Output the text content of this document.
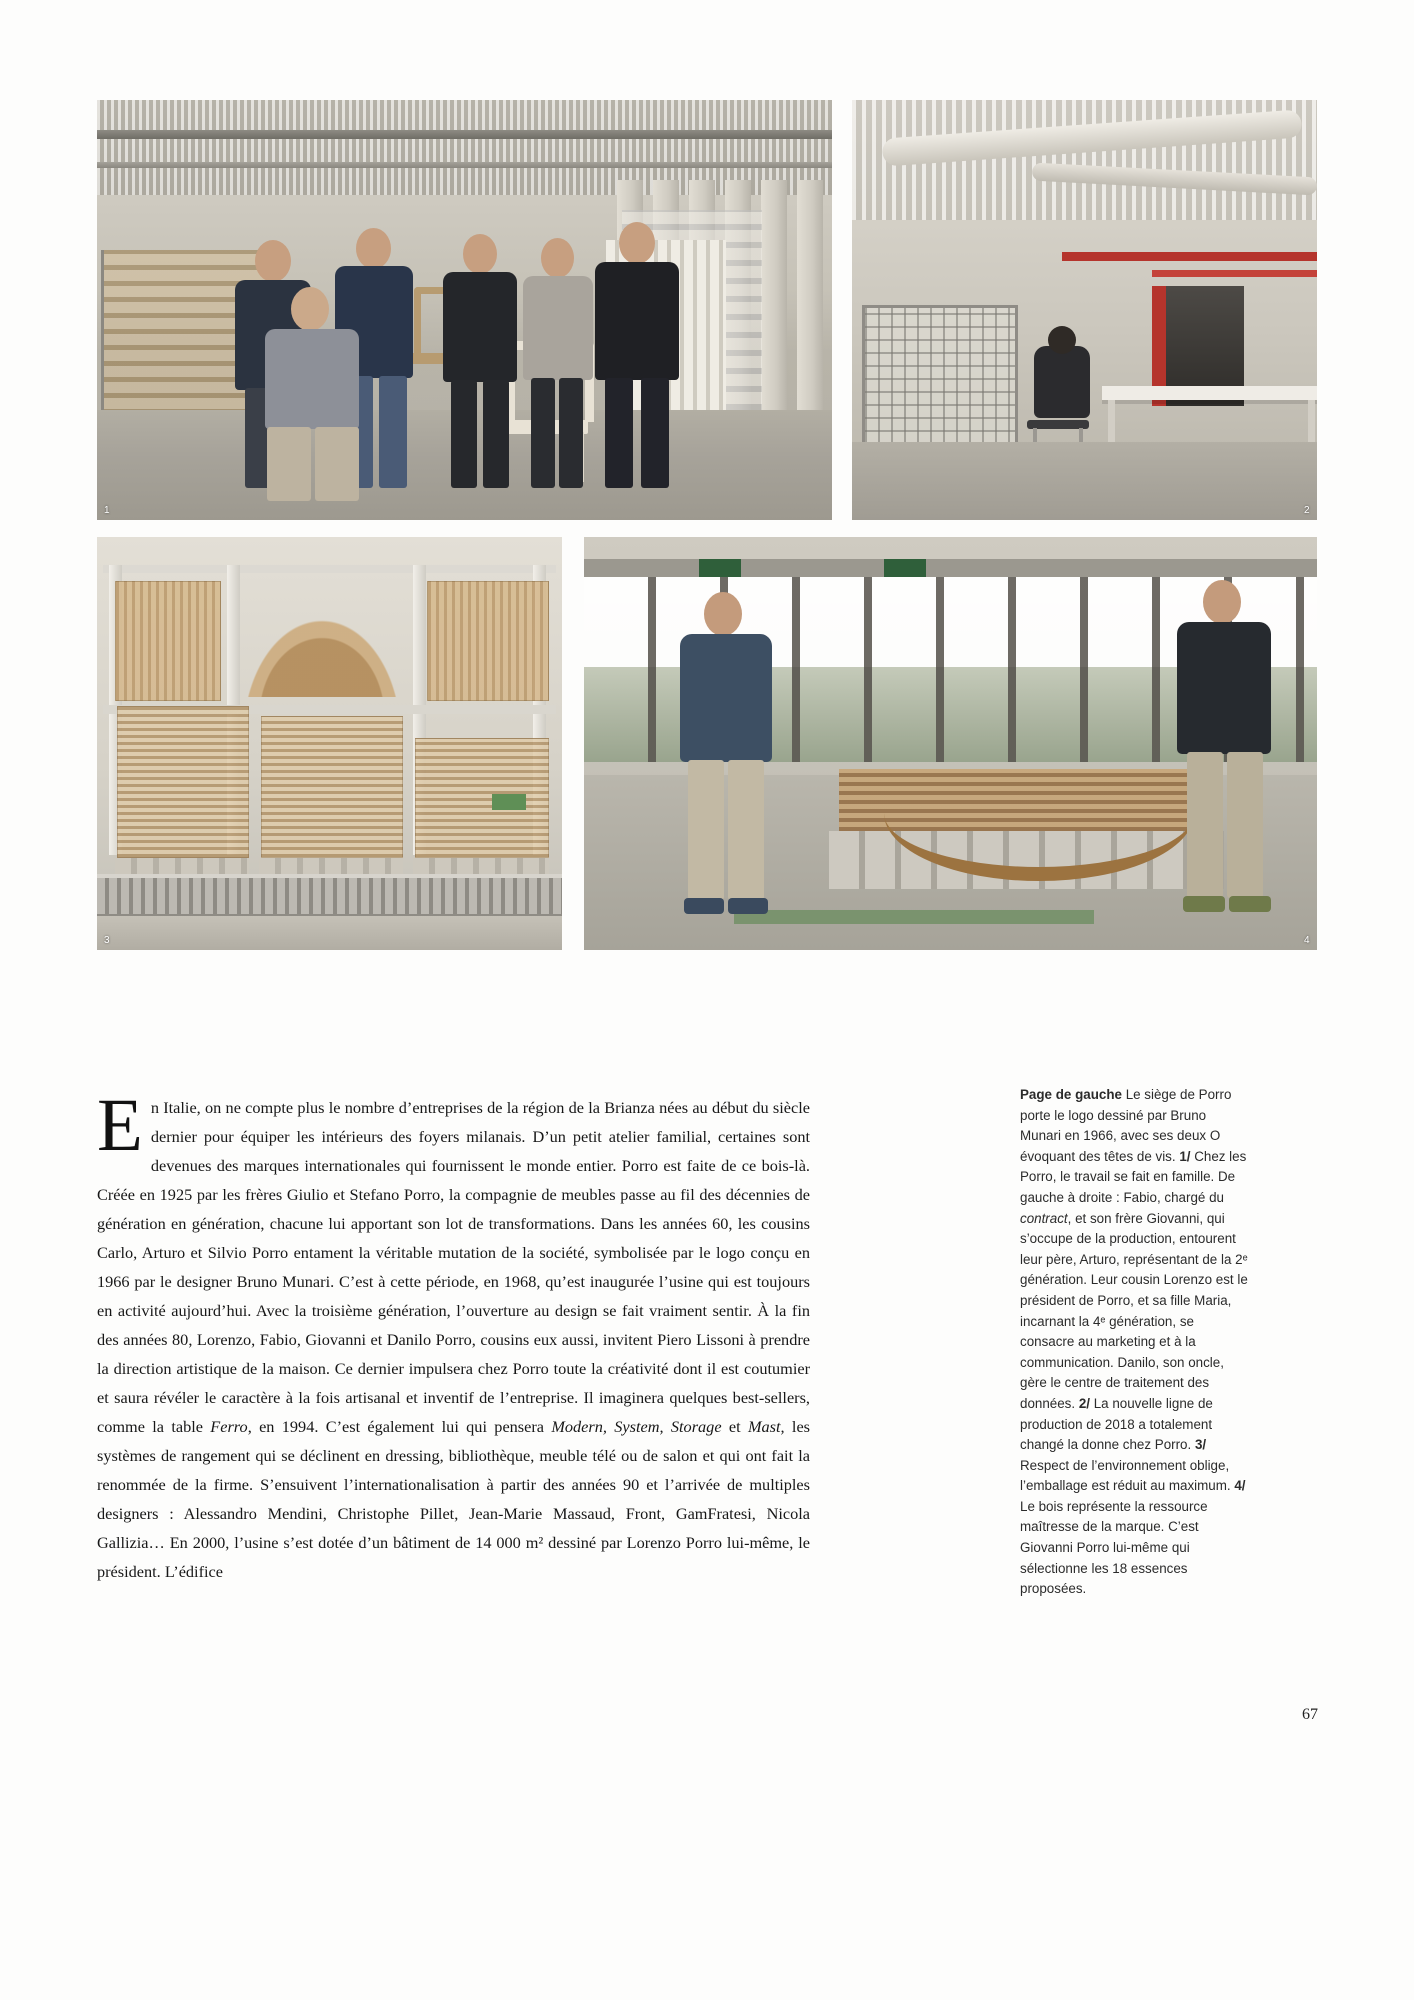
1	2
3	4

En Italie, on ne compte plus le nombre d’entreprises de la région de la Brianza nées au début du siècle dernier pour équiper les intérieurs des foyers milanais. D’un petit atelier familial, certaines sont devenues des marques internationales qui fournissent le monde entier. Porro est faite de ce bois-là. Créée en 1925 par les frères Giulio et Stefano Porro, la compagnie de meubles passe au fil des décennies de génération en génération, chacune lui apportant son lot de transformations. Dans les années 60, les cousins Carlo, Arturo et Silvio Porro entament la véritable mutation de la société, symbolisée par le logo conçu en 1966 par le designer Bruno Munari. C’est à cette période, en 1968, qu’est inaugurée l’usine qui est toujours en activité aujourd’hui. Avec la troisième génération, l’ouverture au design se fait vraiment sentir. À la fin des années 80, Lorenzo, Fabio, Giovanni et Danilo Porro, cousins eux aussi, invitent Piero Lissoni à prendre la direction artistique de la maison. Ce dernier impulsera chez Porro toute la créativité dont il est coutumier et saura révéler le caractère à la fois artisanal et inventif de l’entreprise. Il imaginera quelques best-sellers, comme la table Ferro, en 1994. C’est également lui qui pensera Modern, System, Storage et Mast, les systèmes de rangement qui se déclinent en dressing, bibliothèque, meuble télé ou de salon et qui ont fait la renommée de la firme. S’ensuivent l’internationalisation à partir des années 90 et l’arrivée de multiples designers : Alessandro Mendini, Christophe Pillet, Jean-Marie Massaud, Front, GamFratesi, Nicola Gallizia… En 2000, l’usine s’est dotée d’un bâtiment de 14 000 m² dessiné par Lorenzo Porro lui-même, le président. L’édifice

Page de gauche Le siège de Porro porte le logo dessiné par Bruno Munari en 1966, avec ses deux O évoquant des têtes de vis. 1/ Chez les Porro, le travail se fait en famille. De gauche à droite : Fabio, chargé du contract, et son frère Giovanni, qui s’occupe de la production, entourent leur père, Arturo, représentant de la 2ᵉ génération. Leur cousin Lorenzo est le président de Porro, et sa fille Maria, incarnant la 4ᵉ génération, se consacre au marketing et à la communication. Danilo, son oncle, gère le centre de traitement des données. 2/ La nouvelle ligne de production de 2018 a totalement changé la donne chez Porro. 3/ Respect de l’environnement oblige, l’emballage est réduit au maximum. 4/ Le bois représente la ressource maîtresse de la marque. C’est Giovanni Porro lui-même qui sélectionne les 18 essences proposées.

67
